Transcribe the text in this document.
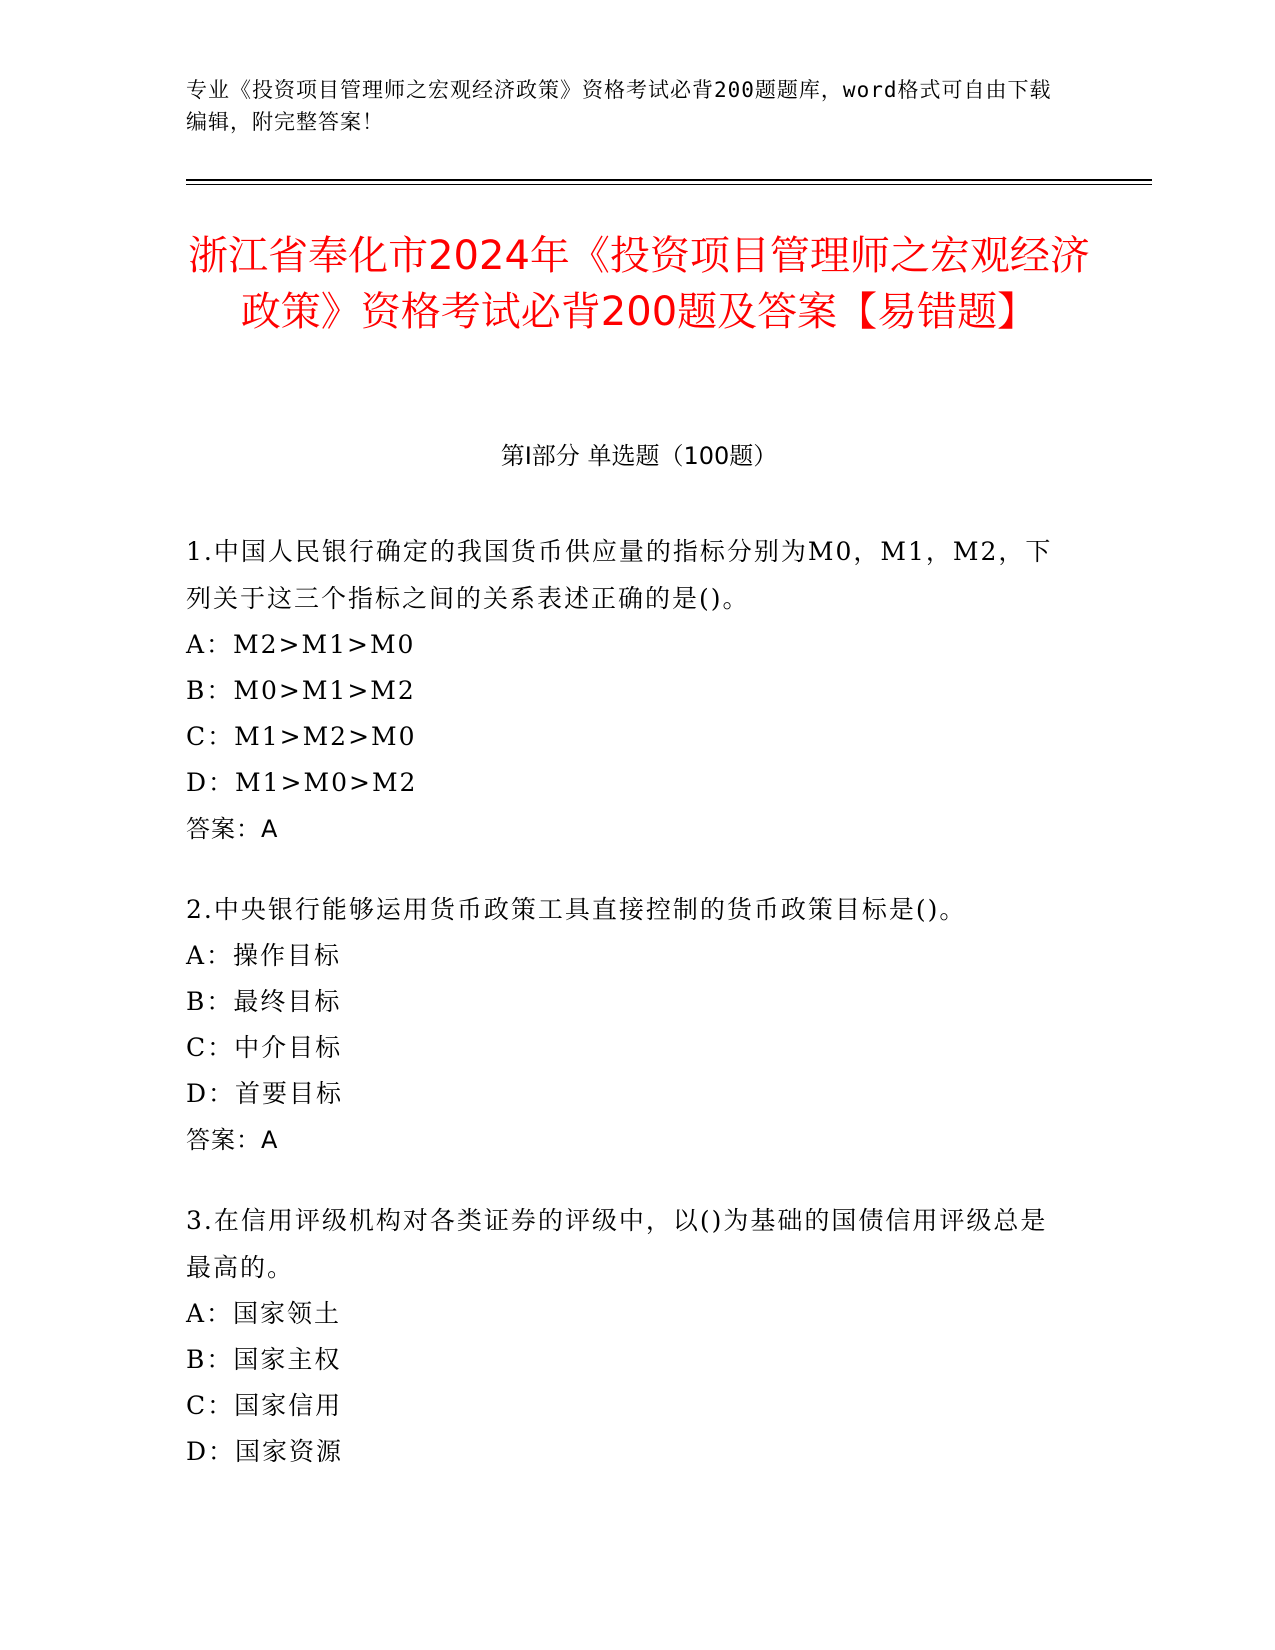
专业《投资项目管理师之宏观经济政策》资格考试必背200题题库，word格式可自由下载编辑，附完整答案！
浙江省奉化市2024年《投资项目管理师之宏观经济政策》资格考试必背200题及答案【易错题】
第Ⅰ部分 单选题（100题）
1.中国人民银行确定的我国货币供应量的指标分别为M0，M1，M2，下列关于这三个指标之间的关系表述正确的是()。
A：M2>M1>M0
B：M0>M1>M2
C：M1>M2>M0
D：M1>M0>M2
答案：A
2.中央银行能够运用货币政策工具直接控制的货币政策目标是()。
A：操作目标
B：最终目标
C：中介目标
D：首要目标
答案：A
3.在信用评级机构对各类证券的评级中，以()为基础的国债信用评级总是最高的。
A：国家领土
B：国家主权
C：国家信用
D：国家资源
